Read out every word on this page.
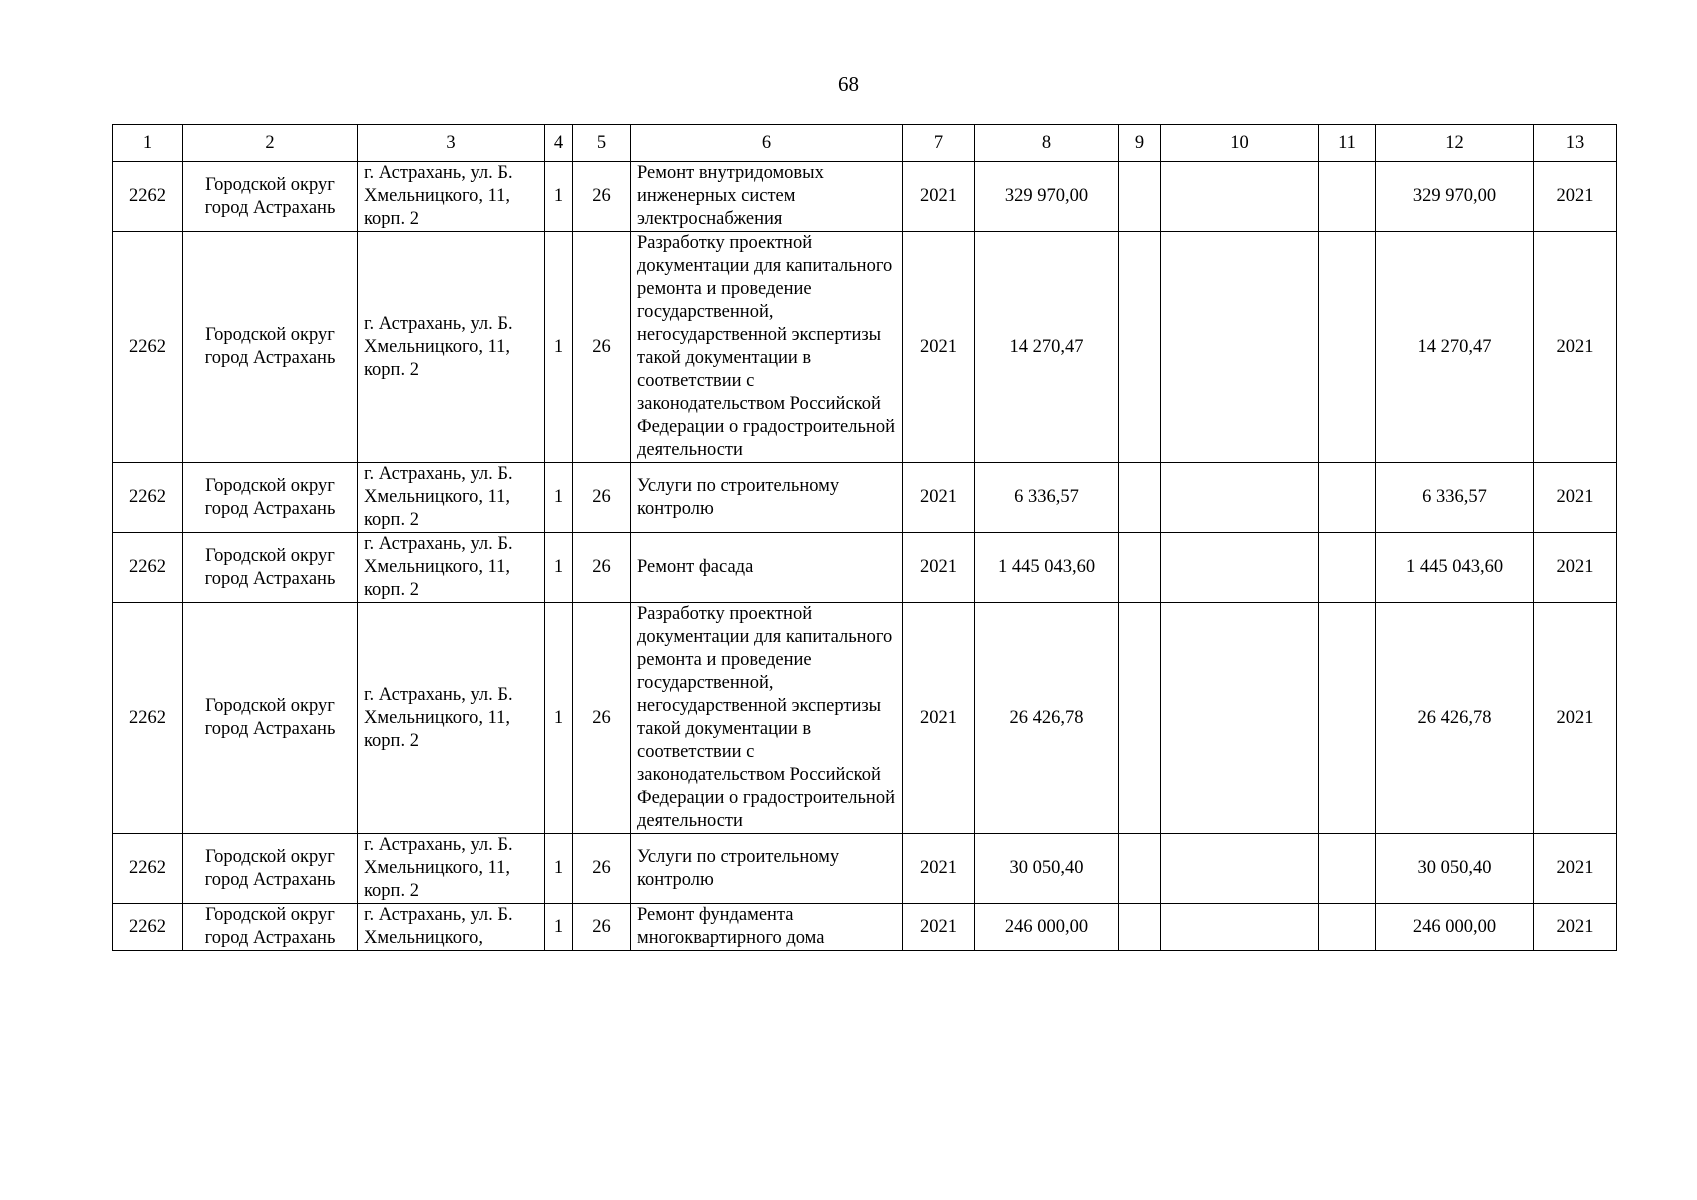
68
1	2	3	4	5	6	7	8	9	10	11	12	13
2262	Городской округ город Астрахань	г. Астрахань, ул. Б. Хмельницкого, 11, корп. 2	1	26	Ремонт внутридомовых инженерных систем электроснабжения	2021	329 970,00				329 970,00	2021
2262	Городской округ город Астрахань	г. Астрахань, ул. Б. Хмельницкого, 11, корп. 2	1	26	Разработку проектной документации для капитального ремонта и проведение государственной, негосударственной экспертизы такой документации в соответствии с законодательством Российской Федерации о градостроительной деятельности	2021	14 270,47				14 270,47	2021
2262	Городской округ город Астрахань	г. Астрахань, ул. Б. Хмельницкого, 11, корп. 2	1	26	Услуги по строительному контролю	2021	6 336,57				6 336,57	2021
2262	Городской округ город Астрахань	г. Астрахань, ул. Б. Хмельницкого, 11, корп. 2	1	26	Ремонт фасада	2021	1 445 043,60				1 445 043,60	2021
2262	Городской округ город Астрахань	г. Астрахань, ул. Б. Хмельницкого, 11, корп. 2	1	26	Разработку проектной документации для капитального ремонта и проведение государственной, негосударственной экспертизы такой документации в соответствии с законодательством Российской Федерации о градостроительной деятельности	2021	26 426,78				26 426,78	2021
2262	Городской округ город Астрахань	г. Астрахань, ул. Б. Хмельницкого, 11, корп. 2	1	26	Услуги по строительному контролю	2021	30 050,40				30 050,40	2021
2262	Городской округ город Астрахань	г. Астрахань, ул. Б. Хмельницкого,	1	26	Ремонт фундамента многоквартирного дома	2021	246 000,00				246 000,00	2021
